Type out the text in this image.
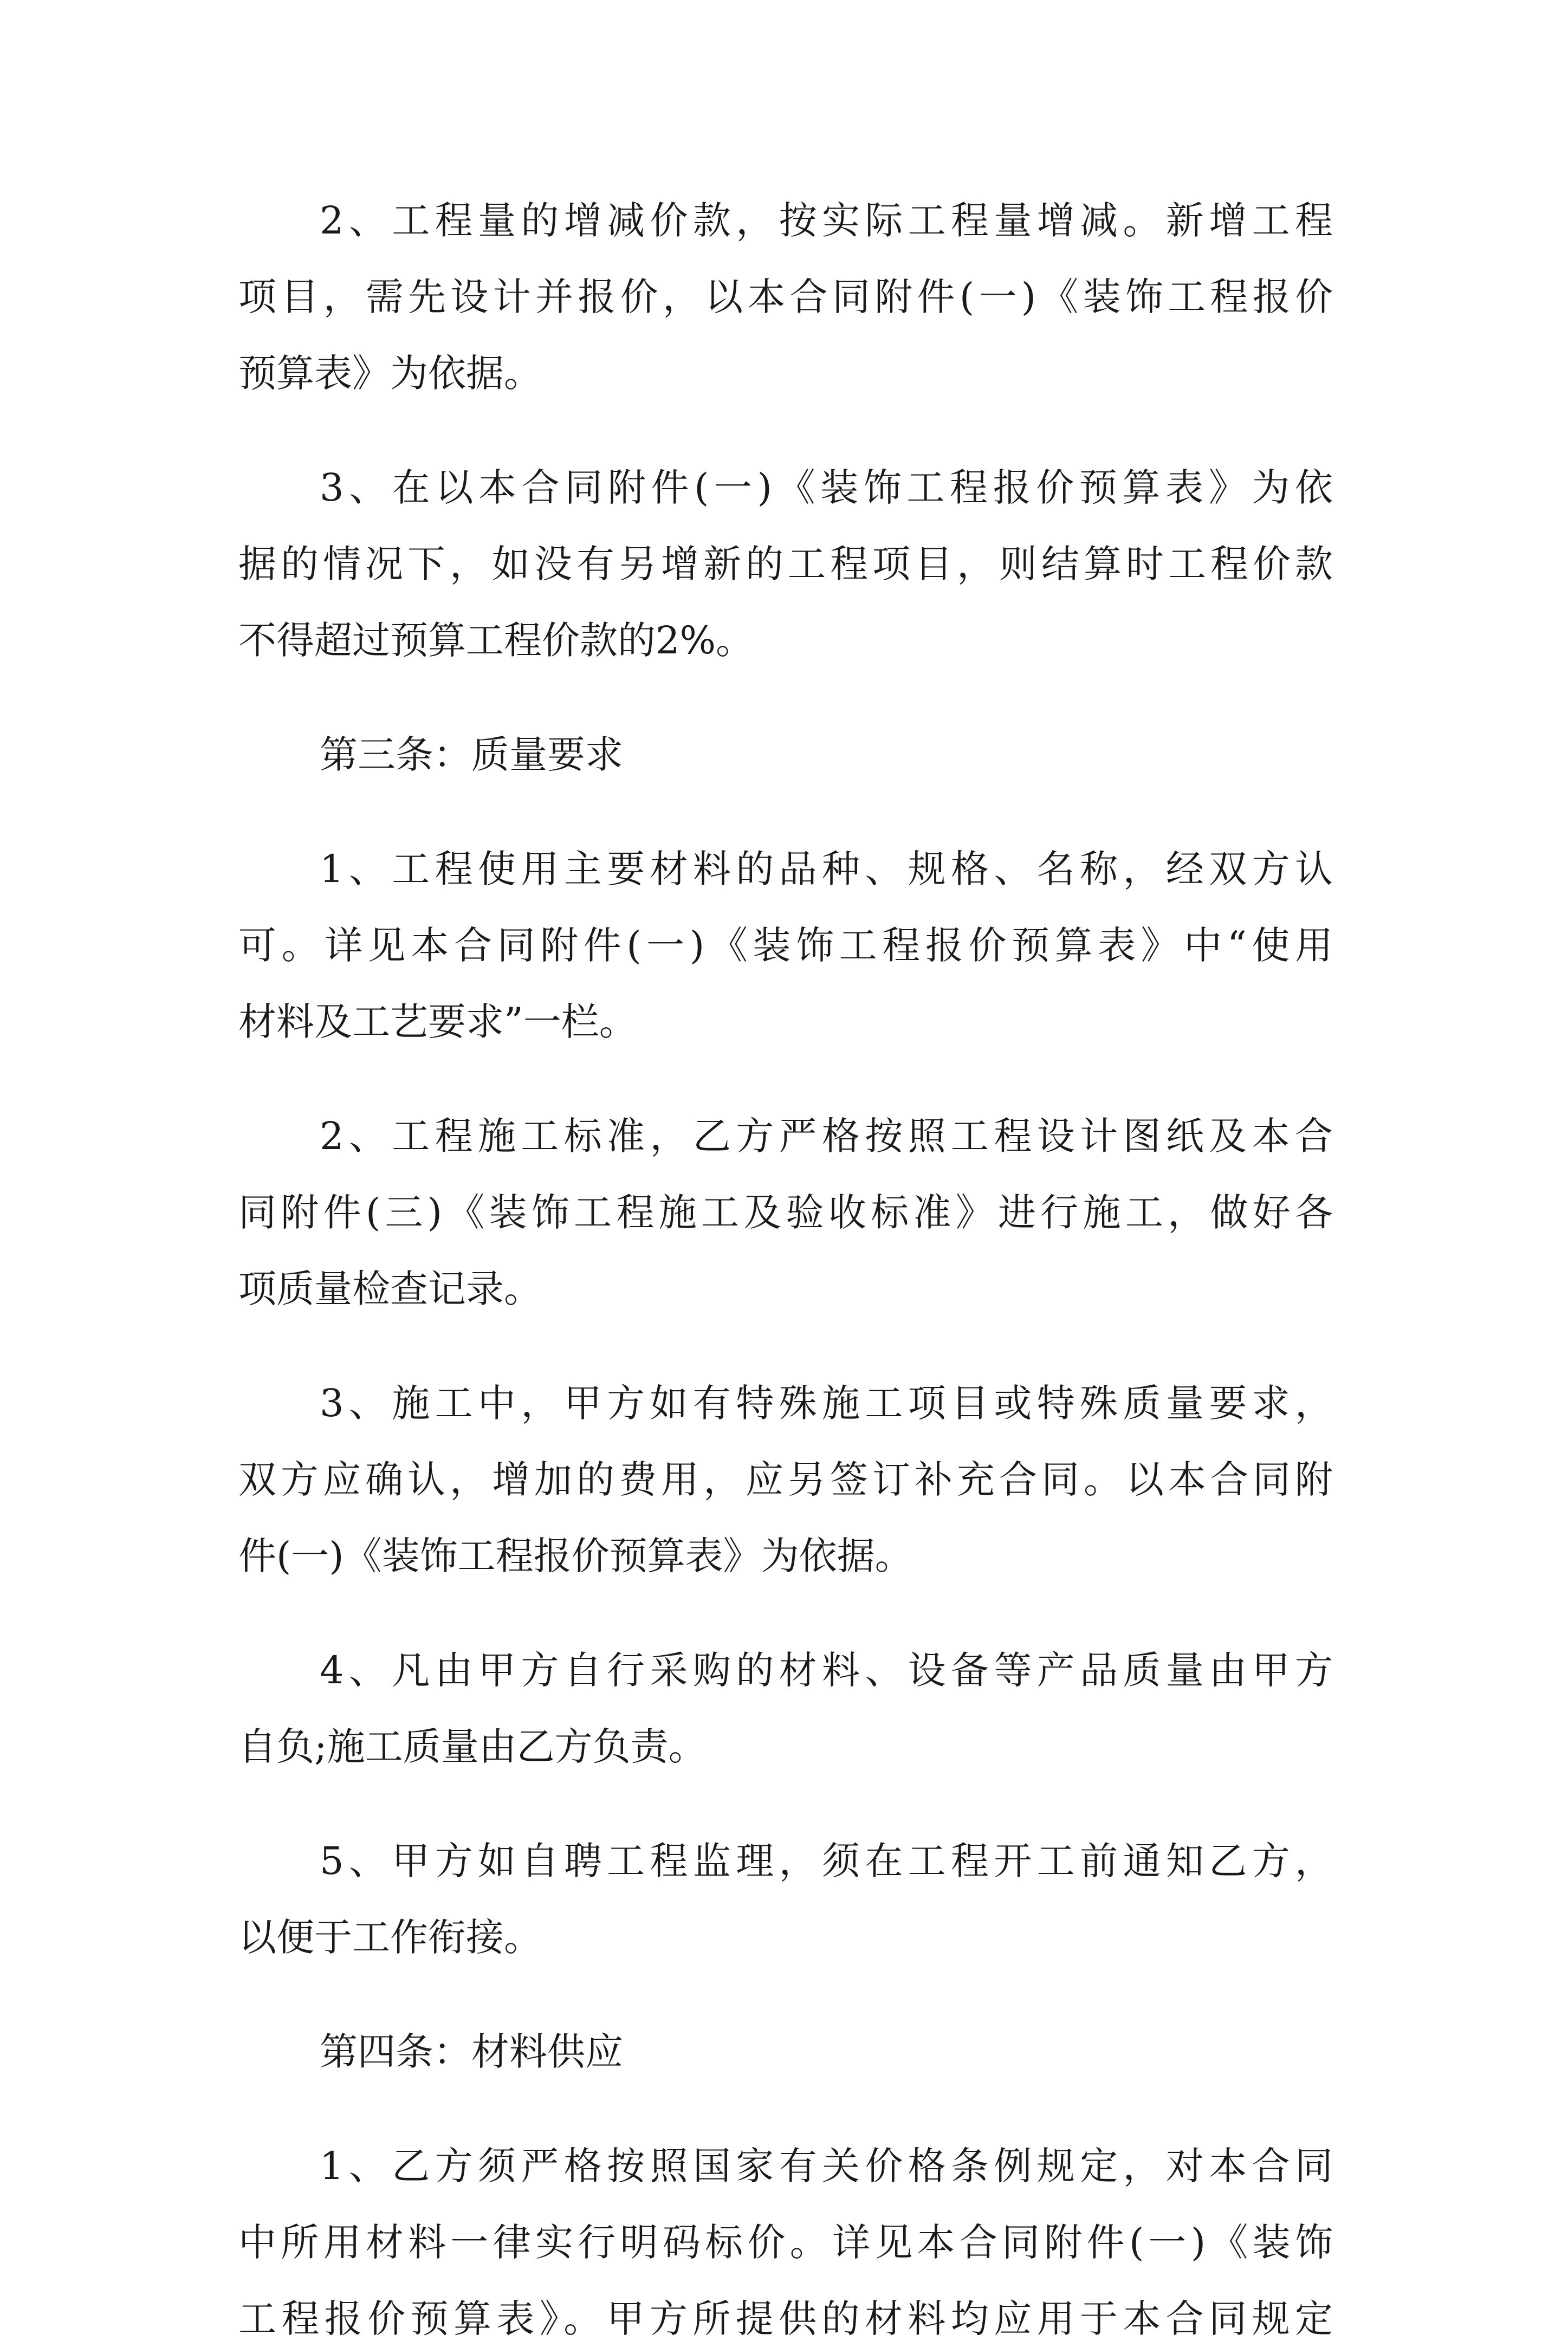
2、工程量的增减价款，按实际工程量增减。新增工程
项目，需先设计并报价，以本合同附件(一)《装饰工程报价
预算表》为依据。
3、在以本合同附件(一)《装饰工程报价预算表》为依
据的情况下，如没有另增新的工程项目，则结算时工程价款
不得超过预算工程价款的2%。
第三条：质量要求
1、工程使用主要材料的品种、规格、名称，经双方认
可。详见本合同附件(一)《装饰工程报价预算表》中“使用
材料及工艺要求”一栏。
2、工程施工标准，乙方严格按照工程设计图纸及本合
同附件(三)《装饰工程施工及验收标准》进行施工，做好各
项质量检查记录。
3、施工中，甲方如有特殊施工项目或特殊质量要求，
双方应确认，增加的费用，应另签订补充合同。以本合同附
件(一)《装饰工程报价预算表》为依据。
4、凡由甲方自行采购的材料、设备等产品质量由甲方
自负;施工质量由乙方负责。
5、甲方如自聘工程监理，须在工程开工前通知乙方，
以便于工作衔接。
第四条：材料供应
1、乙方须严格按照国家有关价格条例规定，对本合同
中所用材料一律实行明码标价。详见本合同附件(一)《装饰
工程报价预算表》。甲方所提供的材料均应用于本合同规定
